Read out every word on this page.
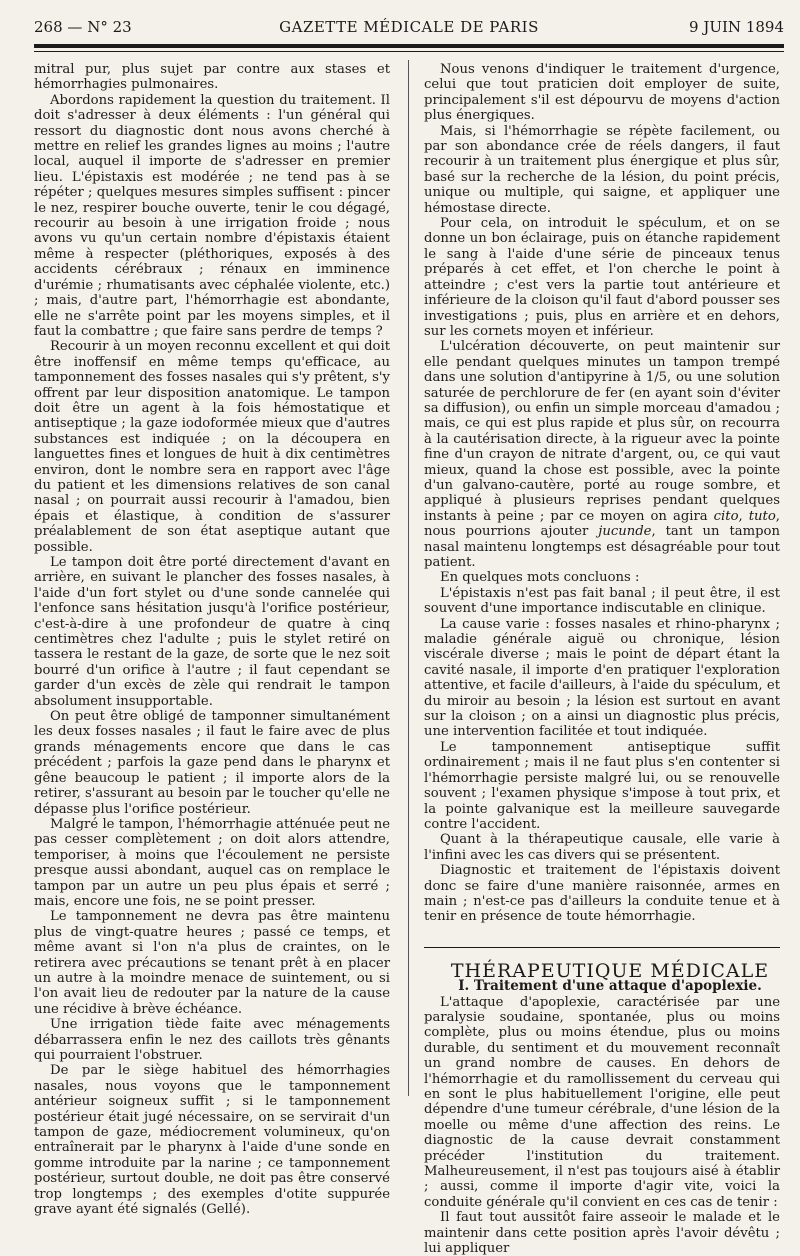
268 — N° 23	GAZETTE MÉDICALE DE PARIS	9 JUIN 1894

mitral pur, plus sujet par contre aux stases et hémorrhagies pulmonaires.

Abordons rapidement la question du traitement. Il doit s'adresser à deux éléments : l'un général qui ressort du diagnostic dont nous avons cherché à mettre en relief les grandes lignes au moins ; l'autre local, auquel il importe de s'adresser en premier lieu. L'épistaxis est modérée ; ne tend pas à se répéter ; quelques mesures simples suffisent : pincer le nez, respirer bouche ouverte, tenir le cou dégagé, recourir au besoin à une irrigation froide ; nous avons vu qu'un certain nombre d'épistaxis étaient même à respecter (pléthoriques, exposés à des accidents cérébraux ; rénaux en imminence d'urémie ; rhumatisants avec céphalée violente, etc.) ; mais, d'autre part, l'hémorrhagie est abondante, elle ne s'arrête point par les moyens simples, et il faut la combattre ; que faire sans perdre de temps ?

Recourir à un moyen reconnu excellent et qui doit être inoffensif en même temps qu'efficace, au tamponnement des fosses nasales qui s'y prêtent, s'y offrent par leur disposition anatomique. Le tampon doit être un agent à la fois hémostatique et antiseptique ; la gaze iodoformée mieux que d'autres substances est indiquée ; on la découpera en languettes fines et longues de huit à dix centimètres environ, dont le nombre sera en rapport avec l'âge du patient et les dimensions relatives de son canal nasal ; on pourrait aussi recourir à l'amadou, bien épais et élastique, à condition de s'assurer préalablement de son état aseptique autant que possible.

Le tampon doit être porté directement d'avant en arrière, en suivant le plancher des fosses nasales, à l'aide d'un fort stylet ou d'une sonde cannelée qui l'enfonce sans hésitation jusqu'à l'orifice postérieur, c'est-à-dire à une profondeur de quatre à cinq centimètres chez l'adulte ; puis le stylet retiré on tassera le restant de la gaze, de sorte que le nez soit bourré d'un orifice à l'autre ; il faut cependant se garder d'un excès de zèle qui rendrait le tampon absolument insupportable.

On peut être obligé de tamponner simultanément les deux fosses nasales ; il faut le faire avec de plus grands ménagements encore que dans le cas précédent ; parfois la gaze pend dans le pharynx et gêne beaucoup le patient ; il importe alors de la retirer, s'assurant au besoin par le toucher qu'elle ne dépasse plus l'orifice postérieur.

Malgré le tampon, l'hémorrhagie atténuée peut ne pas cesser complètement ; on doit alors attendre, temporiser, à moins que l'écoulement ne persiste presque aussi abondant, auquel cas on remplace le tampon par un autre un peu plus épais et serré ; mais, encore une fois, ne se point presser.

Le tamponnement ne devra pas être maintenu plus de vingt-quatre heures ; passé ce temps, et même avant si l'on n'a plus de craintes, on le retirera avec précautions se tenant prêt à en placer un autre à la moindre menace de suintement, ou si l'on avait lieu de redouter par la nature de la cause une récidive à brève échéance.

Une irrigation tiède faite avec ménagements débarrassera enfin le nez des caillots très gênants qui pourraient l'obstruer.

De par le siège habituel des hémorrhagies nasales, nous voyons que le tamponnement antérieur soigneux suffit ; si le tamponnement postérieur était jugé nécessaire, on se servirait d'un tampon de gaze, médiocrement volumineux, qu'on entraînerait par le pharynx à l'aide d'une sonde en gomme introduite par la narine ; ce tamponnement postérieur, surtout double, ne doit pas être conservé trop longtemps ; des exemples d'otite suppurée grave ayant été signalés (Gellé).

Nous venons d'indiquer le traitement d'urgence, celui que tout praticien doit employer de suite, principalement s'il est dépourvu de moyens d'action plus énergiques.

Mais, si l'hémorrhagie se répète facilement, ou par son abondance crée de réels dangers, il faut recourir à un traitement plus énergique et plus sûr, basé sur la recherche de la lésion, du point précis, unique ou multiple, qui saigne, et appliquer une hémostase directe.

Pour cela, on introduit le spéculum, et on se donne un bon éclairage, puis on étanche rapidement le sang à l'aide d'une série de pinceaux tenus préparés à cet effet, et l'on cherche le point à atteindre ; c'est vers la partie tout antérieure et inférieure de la cloison qu'il faut d'abord pousser ses investigations ; puis, plus en arrière et en dehors, sur les cornets moyen et inférieur.

L'ulcération découverte, on peut maintenir sur elle pendant quelques minutes un tampon trempé dans une solution d'antipyrine à 1/5, ou une solution saturée de perchlorure de fer (en ayant soin d'éviter sa diffusion), ou enfin un simple morceau d'amadou ; mais, ce qui est plus rapide et plus sûr, on recourra à la cautérisation directe, à la rigueur avec la pointe fine d'un crayon de nitrate d'argent, ou, ce qui vaut mieux, quand la chose est possible, avec la pointe d'un galvano-cautère, porté au rouge sombre, et appliqué à plusieurs reprises pendant quelques instants à peine ; par ce moyen on agira cito, tuto, nous pourrions ajouter jucunde, tant un tampon nasal maintenu longtemps est désagréable pour tout patient.

En quelques mots concluons :

L'épistaxis n'est pas fait banal ; il peut être, il est souvent d'une importance indiscutable en clinique.

La cause varie : fosses nasales et rhino-pharynx ; maladie générale aiguë ou chronique, lésion viscérale diverse ; mais le point de départ étant la cavité nasale, il importe d'en pratiquer l'exploration attentive, et facile d'ailleurs, à l'aide du spéculum, et du miroir au besoin ; la lésion est surtout en avant sur la cloison ; on a ainsi un diagnostic plus précis, une intervention facilitée et tout indiquée.

Le tamponnement antiseptique suffit ordinairement ; mais il ne faut plus s'en contenter si l'hémorrhagie persiste malgré lui, ou se renouvelle souvent ; l'examen physique s'impose à tout prix, et la pointe galvanique est la meilleure sauvegarde contre l'accident.

Quant à la thérapeutique causale, elle varie à l'infini avec les cas divers qui se présentent.

Diagnostic et traitement de l'épistaxis doivent donc se faire d'une manière raisonnée, armes en main ; n'est-ce pas d'ailleurs la conduite tenue et à tenir en présence de toute hémorrhagie.

THÉRAPEUTIQUE MÉDICALE

I. Traitement d'une attaque d'apoplexie.

L'attaque d'apoplexie, caractérisée par une paralysie soudaine, spontanée, plus ou moins complète, plus ou moins étendue, plus ou moins durable, du sentiment et du mouvement reconnaît un grand nombre de causes. En dehors de l'hémorrhagie et du ramollissement du cerveau qui en sont le plus habituellement l'origine, elle peut dépendre d'une tumeur cérébrale, d'une lésion de la moelle ou même d'une affection des reins. Le diagnostic de la cause devrait constamment précéder l'institution du traitement. Malheureusement, il n'est pas toujours aisé à établir ; aussi, comme il importe d'agir vite, voici la conduite générale qu'il convient en ces cas de tenir :

Il faut tout aussitôt faire asseoir le malade et le maintenir dans cette position après l'avoir dévêtu ; lui appliquer
